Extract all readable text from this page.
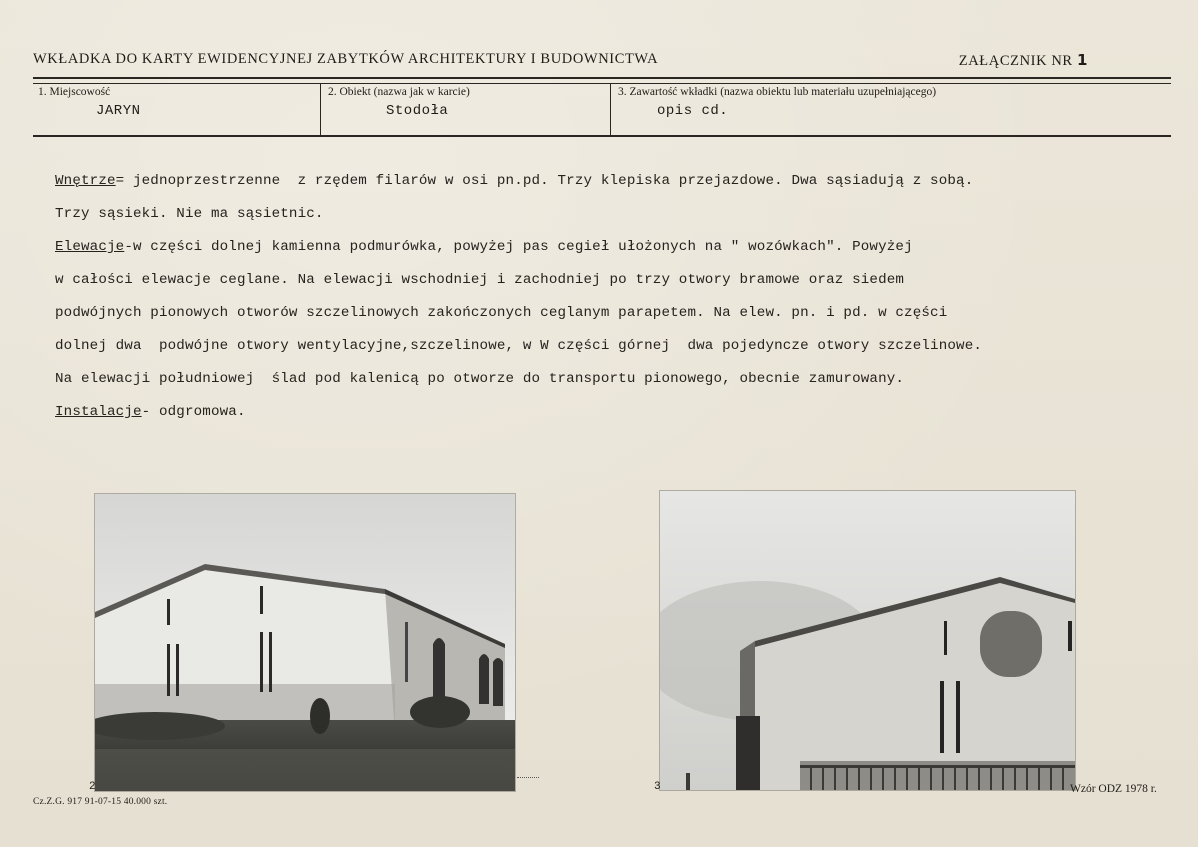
WKŁADKA DO KARTY EWIDENCYJNEJ ZABYTKÓW ARCHITEKTURY I BUDOWNICTWA	ZAŁĄCZNIK NR 1
1. Miejscowość
JARYN
2. Obiekt (nazwa jak w karcie)
Stodoła
3. Zawartość wkładki (nazwa obiektu lub materiału uzupełniającego)
opis cd.
Wnętrze= jednoprzestrzenne  z rzędem filarów w osi pn.pd. Trzy klepiska przejazdowe. Dwa sąsiadują z sobą.
Trzy sąsieki. Nie ma sąsietnic.
Elewacje-w części dolnej kamienna podmurówka, powyżej pas cegieł ułożonych na " wozówkach". Powyżej
w całości elewacje ceglane. Na elewacji wschodniej i zachodniej po trzy otwory bramowe oraz siedem
podwójnych pionowych otworów szczelinowych zakończonych ceglanym parapetem. Na elew. pn. i pd. w części
dolnej dwa  podwójne otwory wentylacyjne,szczelinowe, w W części górnej  dwa pojedyncze otwory szczelinowe.
Na elewacji południowej  ślad pod kalenicą po otworze do transportu pionowego, obecnie zamurowany.
Instalacje- odgromowa.
2	3
Cz.Z.G. 917 91-07-15 40.000 szt.
Wzór ODZ 1978 r.
